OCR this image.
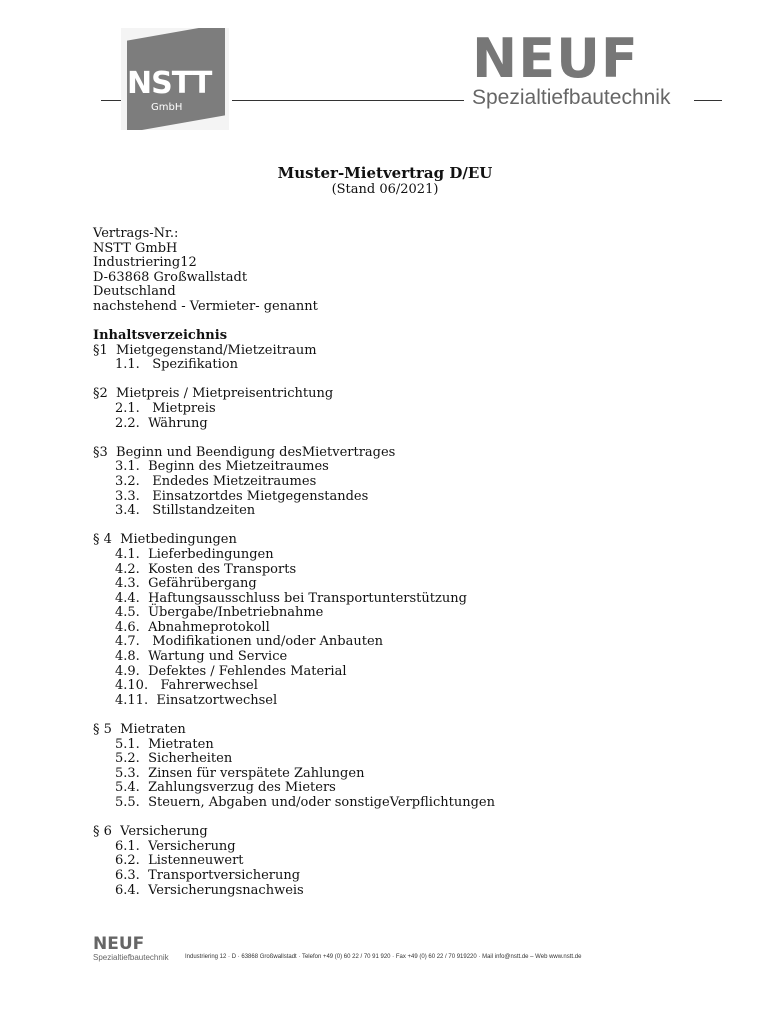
NSTT
GmbH
NEUF
Spezialtiefbautechnik
Muster-Mietvertrag D/EU
(Stand 06/2021)
Vertrags-Nr.:
NSTT GmbH
Industriering12
D-63868 Großwallstadt
Deutschland
nachstehend - Vermieter- genannt
Inhaltsverzeichnis
§1  Mietgegenstand/Mietzeitraum
1.1.   Spezifikation
§2  Mietpreis / Mietpreisentrichtung
2.1.   Mietpreis
2.2.  Währung
§3  Beginn und Beendigung desMietvertrages
3.1.  Beginn des Mietzeitraumes
3.2.   Endedes Mietzeitraumes
3.3.   Einsatzortdes Mietgegenstandes
3.4.   Stillstandzeiten
§ 4  Mietbedingungen
4.1.  Lieferbedingungen
4.2.  Kosten des Transports
4.3.  Gefährübergang
4.4.  Haftungsausschluss bei Transportunterstützung
4.5.  Übergabe/Inbetriebnahme
4.6.  Abnahmeprotokoll
4.7.   Modifikationen und/oder Anbauten
4.8.  Wartung und Service
4.9.  Defektes / Fehlendes Material
4.10.   Fahrerwechsel
4.11.  Einsatzortwechsel
§ 5  Mietraten
5.1.  Mietraten
5.2.  Sicherheiten
5.3.  Zinsen für verspätete Zahlungen
5.4.  Zahlungsverzug des Mieters
5.5.  Steuern, Abgaben und/oder sonstigeVerpflichtungen
§ 6  Versicherung
6.1.  Versicherung
6.2.  Listenneuwert
6.3.  Transportversicherung
6.4.  Versicherungsnachweis
NEUF
Spezialtiefbautechnik	Industriering 12 · D · 63868 Großwallstadt · Telefon +49 (0) 60 22 / 70 91 920 · Fax +49 (0) 60 22 / 70 919220 · Mail info@nstt.de – Web www.nstt.de
